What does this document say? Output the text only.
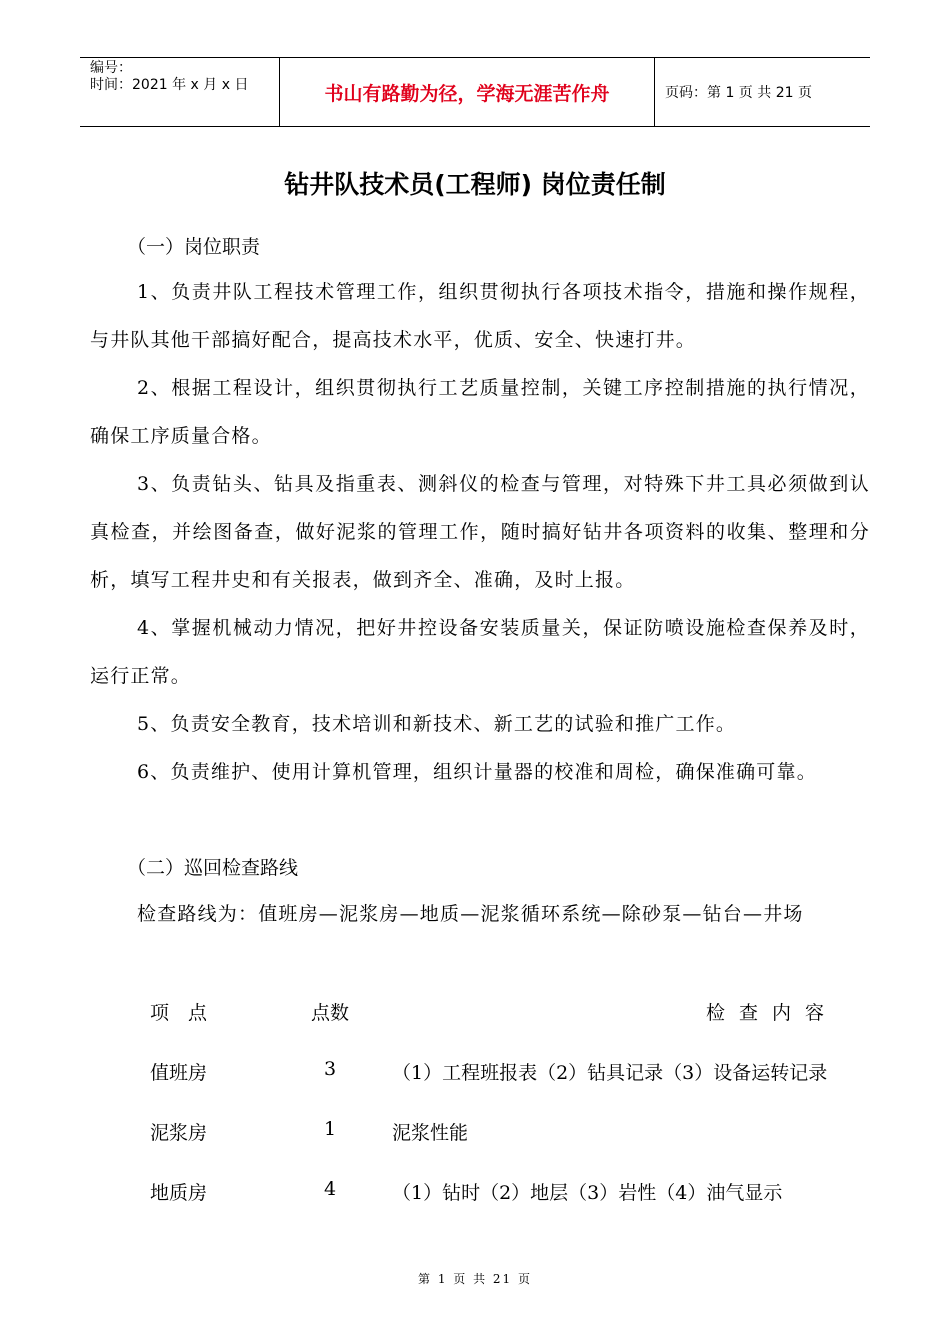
编号：
时间：2021 年 x 月 x 日	书山有路勤为径，学海无涯苦作舟	页码：第 1 页 共 21 页
钻井队技术员(工程师) 岗位责任制
（一）岗位职责
1、负责井队工程技术管理工作，组织贯彻执行各项技术指令，措施和操作规程，与井队其他干部搞好配合，提高技术水平，优质、安全、快速打井。
2、根据工程设计，组织贯彻执行工艺质量控制，关键工序控制措施的执行情况，确保工序质量合格。
3、负责钻头、钻具及指重表、测斜仪的检查与管理，对特殊下井工具必须做到认真检查，并绘图备查，做好泥浆的管理工作，随时搞好钻井各项资料的收集、整理和分析，填写工程井史和有关报表，做到齐全、准确，及时上报。
4、掌握机械动力情况，把好井控设备安装质量关，保证防喷设施检查保养及时，运行正常。
5、负责安全教育，技术培训和新技术、新工艺的试验和推广工作。
6、负责维护、使用计算机管理，组织计量器的校准和周检，确保准确可靠。
（二）巡回检查路线
检查路线为：值班房—泥浆房—地质—泥浆循环系统—除砂泵—钻台—井场
项　点	点数	检查内容
值班房	3	（1）工程班报表（2）钻具记录（3）设备运转记录
泥浆房	1	泥浆性能
地质房	4	（1）钻时（2）地层（3）岩性（4）油气显示
第 1 页 共 21 页
